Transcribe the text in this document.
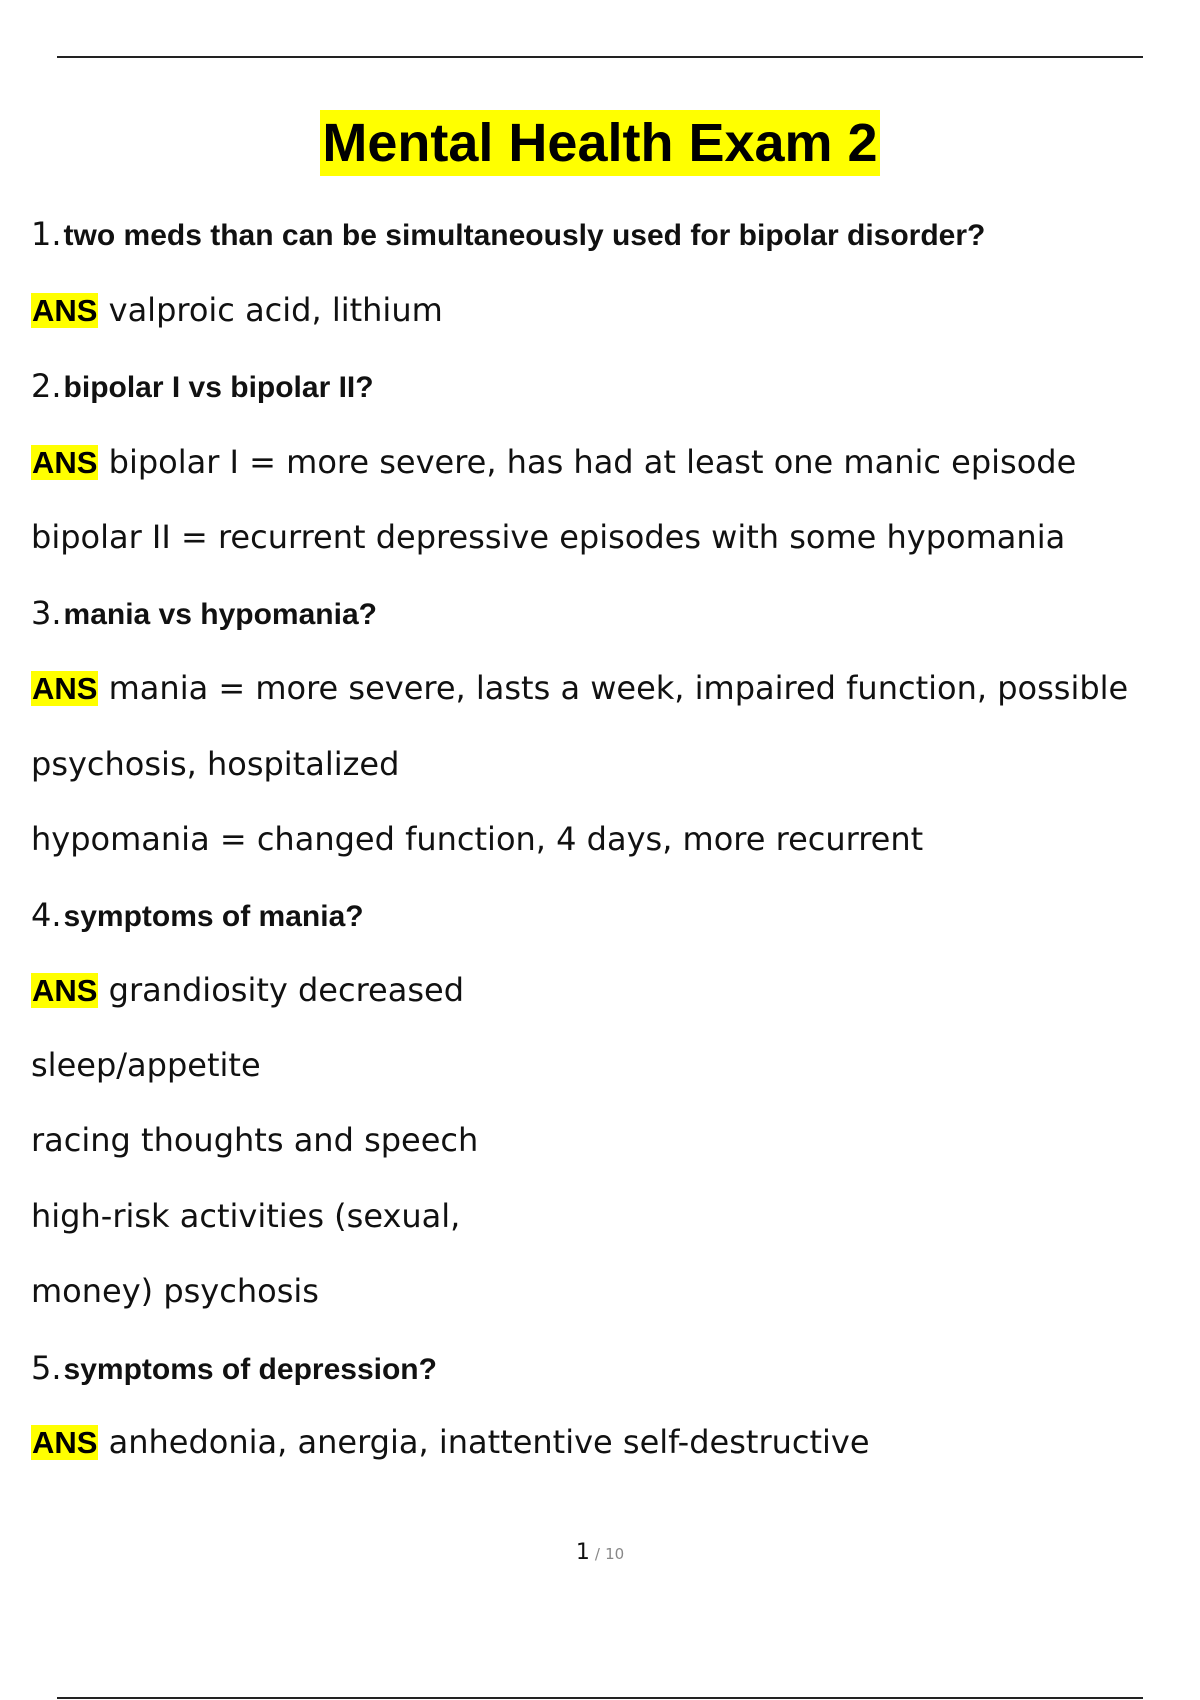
Mental Health Exam 2
1.two meds than can be simultaneously used for bipolar disorder?
ANS valproic acid, lithium
2.bipolar I vs bipolar II?
ANS bipolar I = more severe, has had at least one manic episode
bipolar II = recurrent depressive episodes with some hypomania
3.mania vs hypomania?
ANS mania = more severe, lasts a week, impaired function, possible
psychosis, hospitalized
hypomania = changed function, 4 days, more recurrent
4.symptoms of mania?
ANS grandiosity decreased
sleep/appetite
racing thoughts and speech
high-risk activities (sexual,
money) psychosis
5.symptoms of depression?
ANS anhedonia, anergia, inattentive self-destructive
1 / 10
